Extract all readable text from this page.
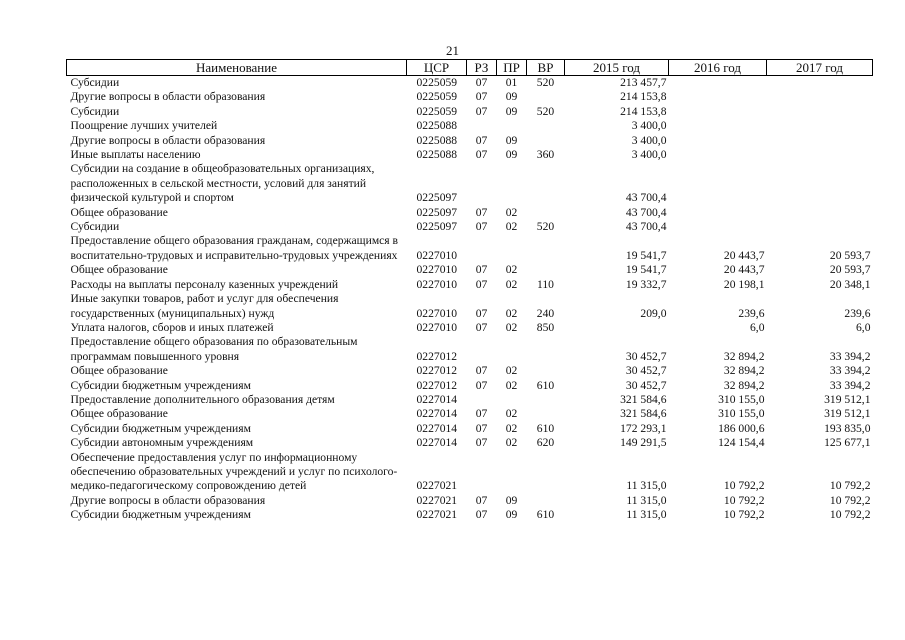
21
Наименование	ЦСР	РЗ	ПР	ВР	2015 год	2016 год	2017 год
Субсидии	0225059	07	01	520	213 457,7		
Другие вопросы в области образования	0225059	07	09		214 153,8		
Субсидии	0225059	07	09	520	214 153,8		
Поощрение лучших учителей	0225088				3 400,0		
Другие вопросы в области образования	0225088	07	09		3 400,0		
Иные выплаты населению	0225088	07	09	360	3 400,0		
Субсидии на создание в общеобразовательных организациях, расположенных в сельской местности, условий для занятий физической культурой и спортом	0225097				43 700,4		
Общее образование	0225097	07	02		43 700,4		
Субсидии	0225097	07	02	520	43 700,4		
Предоставление общего образования гражданам, содержащимся в воспитательно-трудовых и исправительно-трудовых учреждениях	0227010				19 541,7	20 443,7	20 593,7
Общее образование	0227010	07	02		19 541,7	20 443,7	20 593,7
Расходы на выплаты персоналу казенных учреждений	0227010	07	02	110	19 332,7	20 198,1	20 348,1
Иные закупки товаров, работ и услуг для обеспечения государственных (муниципальных) нужд	0227010	07	02	240	209,0	239,6	239,6
Уплата налогов, сборов и иных платежей	0227010	07	02	850		6,0	6,0
Предоставление общего образования по образовательным программам повышенного уровня	0227012				30 452,7	32 894,2	33 394,2
Общее образование	0227012	07	02		30 452,7	32 894,2	33 394,2
Субсидии бюджетным учреждениям	0227012	07	02	610	30 452,7	32 894,2	33 394,2
Предоставление дополнительного образования детям	0227014				321 584,6	310 155,0	319 512,1
Общее образование	0227014	07	02		321 584,6	310 155,0	319 512,1
Субсидии бюджетным учреждениям	0227014	07	02	610	172 293,1	186 000,6	193 835,0
Субсидии автономным учреждениям	0227014	07	02	620	149 291,5	124 154,4	125 677,1
Обеспечение предоставления услуг по информационному обеспечению образовательных учреждений и услуг по психолого-медико-педагогическому сопровождению детей	0227021				11 315,0	10 792,2	10 792,2
Другие вопросы в области образования	0227021	07	09		11 315,0	10 792,2	10 792,2
Субсидии бюджетным учреждениям	0227021	07	09	610	11 315,0	10 792,2	10 792,2
